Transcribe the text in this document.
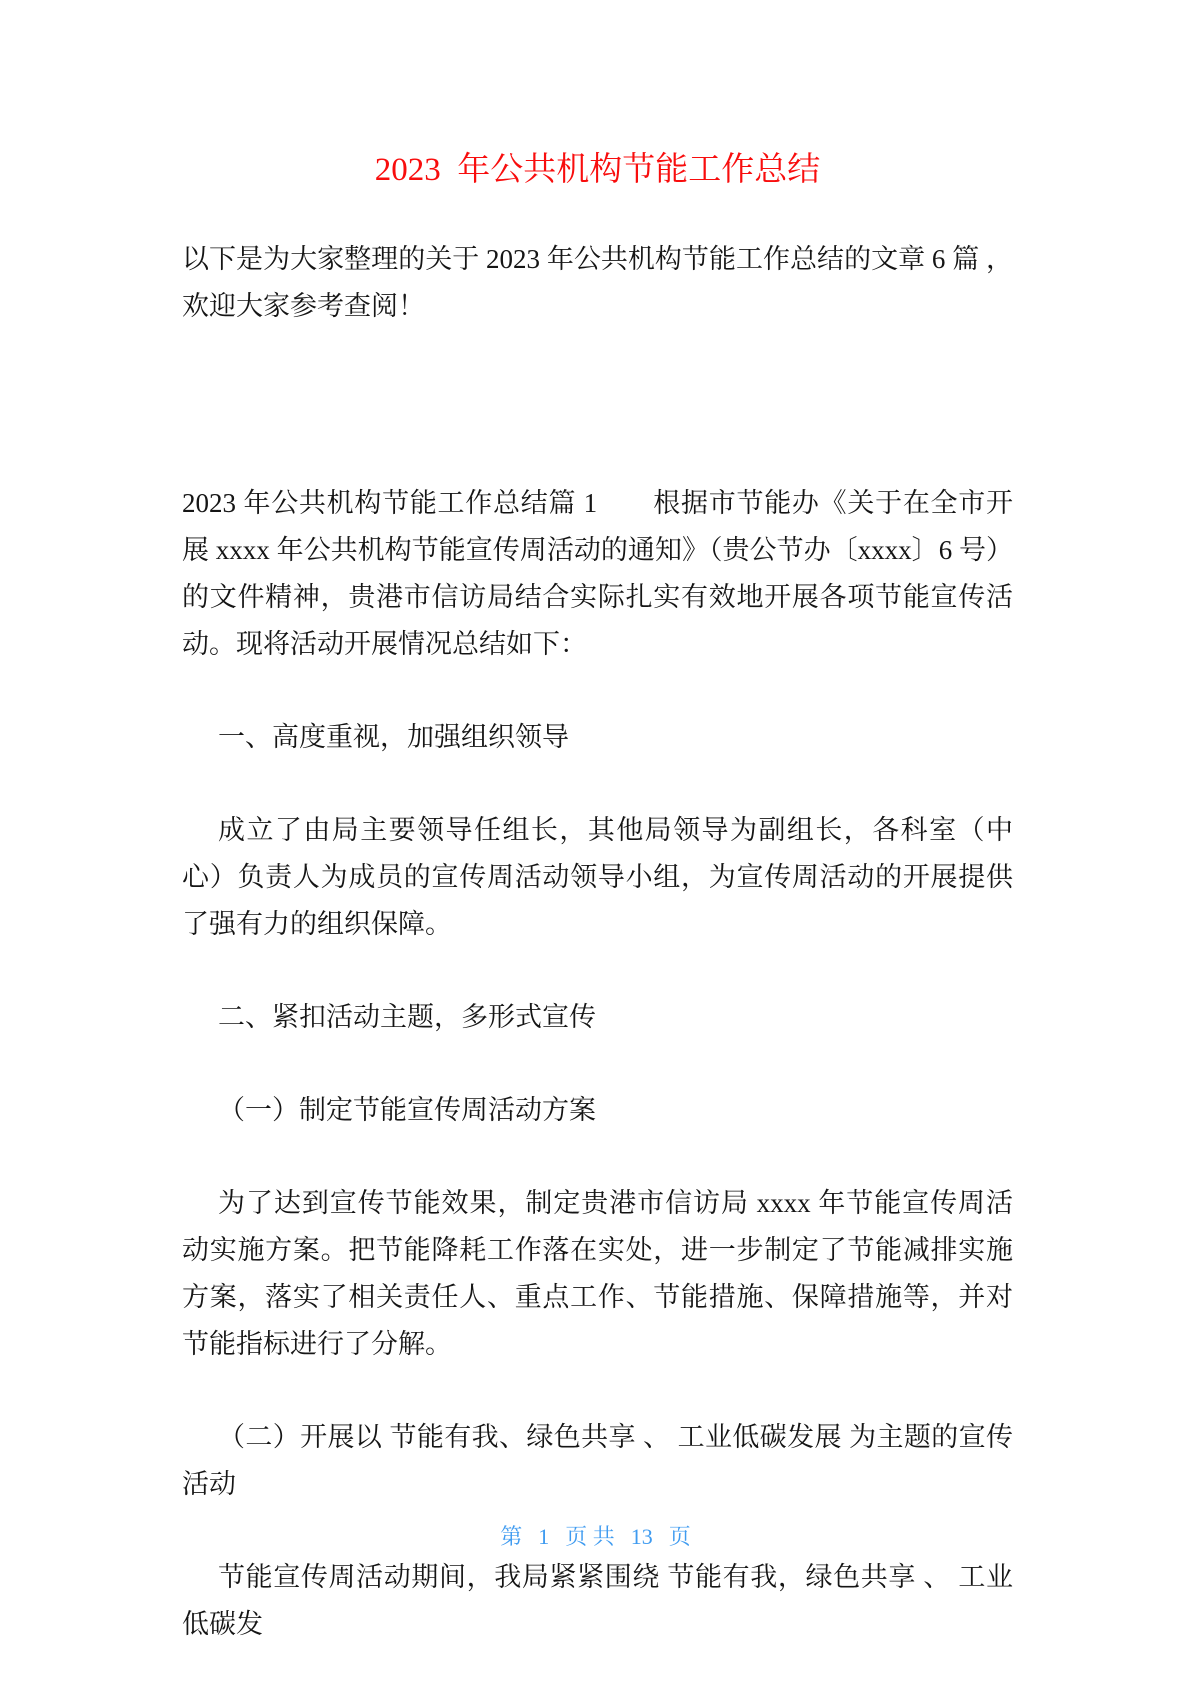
2023  年公共机构节能工作总结

以下是为大家整理的关于 2023 年公共机构节能工作总结的文章 6 篇 ， 欢迎大家参考查阅！

2023 年公共机构节能工作总结篇 1　　根据市节能办《关于在全市开展 xxxx 年公共机构节能宣传周活动的通知》（贵公节办〔xxxx〕6 号）的文件精神，贵港市信访局结合实际扎实有效地开展各项节能宣传活动。现将活动开展情况总结如下：

一、高度重视，加强组织领导

成立了由局主要领导任组长，其他局领导为副组长，各科室（中心）负责人为成员的宣传周活动领导小组，为宣传周活动的开展提供了强有力的组织保障。

二、紧扣活动主题，多形式宣传

（一）制定节能宣传周活动方案

为了达到宣传节能效果，制定贵港市信访局 xxxx 年节能宣传周活动实施方案。把节能降耗工作落在实处，进一步制定了节能减排实施方案，落实了相关责任人、重点工作、节能措施、保障措施等，并对节能指标进行了分解。

（二）开展以 节能有我、绿色共享 、 工业低碳发展 为主题的宣传活动

节能宣传周活动期间，我局紧紧围绕 节能有我，绿色共享 、 工业低碳发

第 1 页 共 13 页
